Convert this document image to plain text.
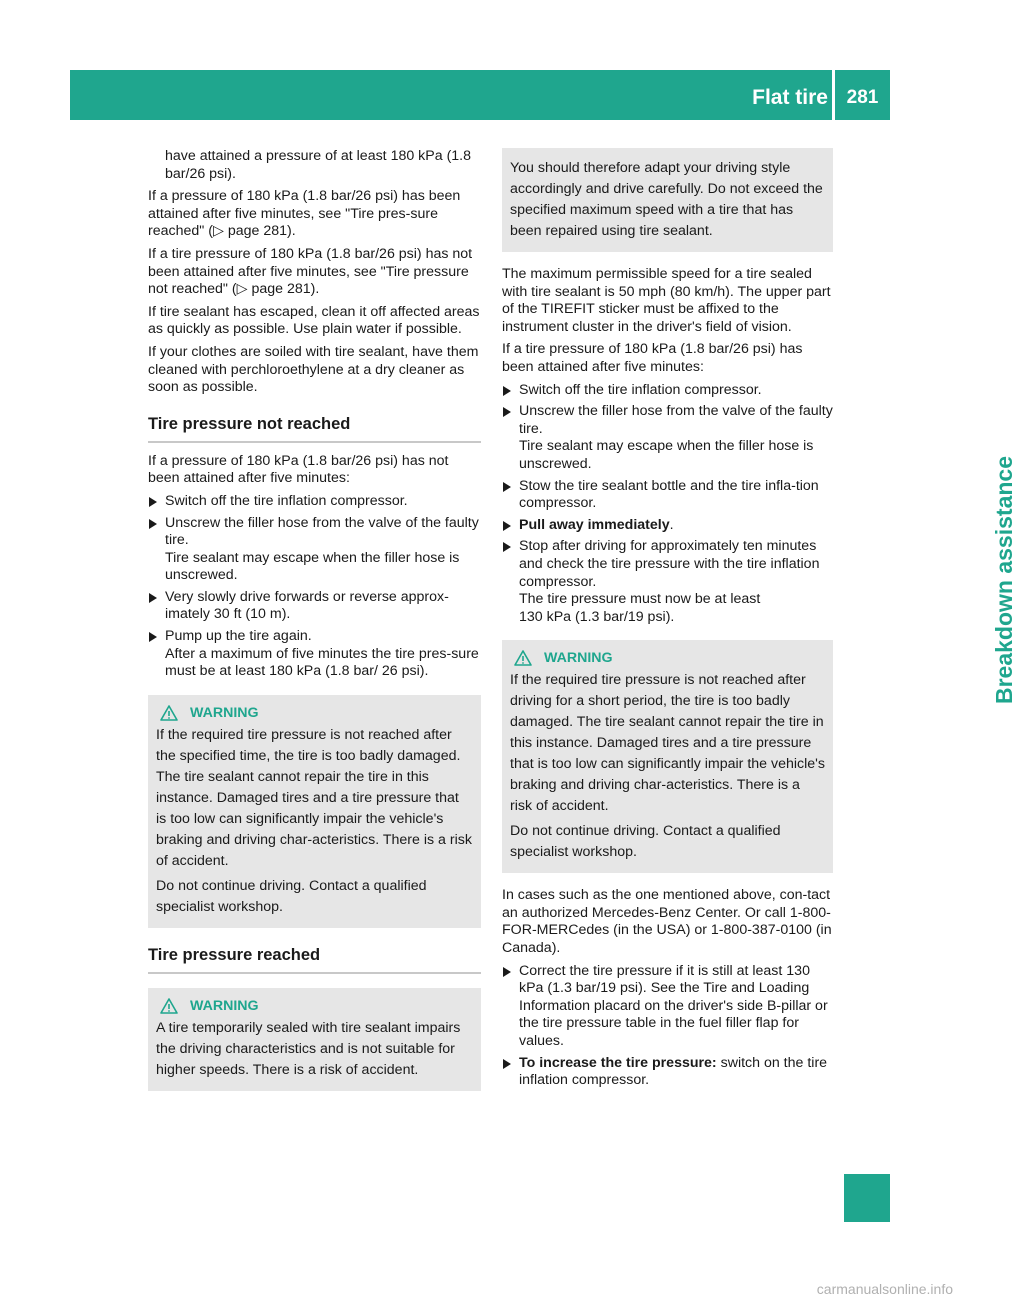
Flat tire 281
Breakdown assistance

have attained a pressure of at least 180 kPa (1.8 bar/26 psi).

If a pressure of 180 kPa (1.8 bar/26 psi) has been attained after five minutes, see "Tire pres-sure reached" (▷ page 281).

If a tire pressure of 180 kPa (1.8 bar/26 psi) has not been attained after five minutes, see "Tire pressure not reached" (▷ page 281).

If tire sealant has escaped, clean it off affected areas as quickly as possible. Use plain water if possible.

If your clothes are soiled with tire sealant, have them cleaned with perchloroethylene at a dry cleaner as soon as possible.

Tire pressure not reached

If a pressure of 180 kPa (1.8 bar/26 psi) has not been attained after five minutes:

Switch off the tire inflation compressor.

Unscrew the filler hose from the valve of the faulty tire.

Tire sealant may escape when the filler hose is unscrewed.

Very slowly drive forwards or reverse approx-imately 30 ft (10 m).

Pump up the tire again.

After a maximum of five minutes the tire pres-sure must be at least 180 kPa (1.8 bar/ 26 psi).

WARNING

If the required tire pressure is not reached after the specified time, the tire is too badly damaged. The tire sealant cannot repair the tire in this instance. Damaged tires and a tire pressure that is too low can significantly impair the vehicle's braking and driving char-acteristics. There is a risk of accident.

Do not continue driving. Contact a qualified specialist workshop.

Tire pressure reached
WARNING

A tire temporarily sealed with tire sealant impairs the driving characteristics and is not suitable for higher speeds. There is a risk of accident.

You should therefore adapt your driving style accordingly and drive carefully. Do not exceed the specified maximum speed with a tire that has been repaired using tire sealant.

The maximum permissible speed for a tire sealed with tire sealant is 50 mph (80 km/h). The upper part of the TIREFIT sticker must be affixed to the instrument cluster in the driver's field of vision.

If a tire pressure of 180 kPa (1.8 bar/26 psi) has been attained after five minutes:

Switch off the tire inflation compressor.

Unscrew the filler hose from the valve of the faulty tire.

Tire sealant may escape when the filler hose is unscrewed.

Stow the tire sealant bottle and the tire infla-tion compressor.

Pull away immediately.

Stop after driving for approximately ten minutes and check the tire pressure with the tire inflation compressor.

The tire pressure must now be at least

130 kPa (1.3 bar/19 psi).

WARNING

If the required tire pressure is not reached after driving for a short period, the tire is too badly damaged. The tire sealant cannot repair the tire in this instance. Damaged tires and a tire pressure that is too low can significantly impair the vehicle's braking and driving char-acteristics. There is a risk of accident.

Do not continue driving. Contact a qualified specialist workshop.

In cases such as the one mentioned above, con-tact an authorized Mercedes-Benz Center. Or call 1-800-FOR-MERCedes (in the USA) or 1-800-387-0100 (in Canada).

Correct the tire pressure if it is still at least 130 kPa (1.3 bar/19 psi). See the Tire and Loading Information placard on the driver's side B-pillar or the tire pressure table in the fuel filler flap for values.

To increase the tire pressure: switch on the tire inflation compressor.

carmanualsonline.info
